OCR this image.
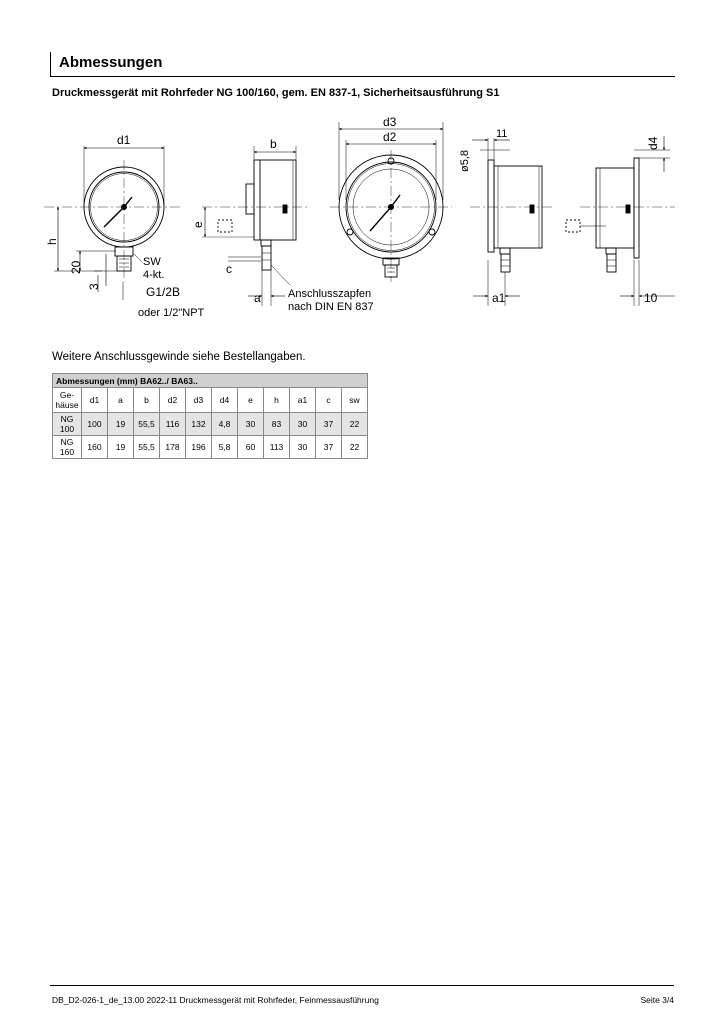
Abmessungen
Druckmessgerät mit Rohrfeder NG 100/160, gem. EN 837-1, Sicherheitsausführung S1
d1
h
20
3
SW
4-kt.
G1/2B
oder 1/2"NPT
b
e
c
a Anschlusszapfen
nach DIN EN 837
d3
d2
ø5,8
11
a1
d4
10
Weitere Anschlussgewinde siehe Bestellangaben.
Abmessungen (mm) BA62../ BA63..											

Ge-
häuse	d1	a	b	d2	d3	d4	e	h	a1	c	sw

NG
100	100	19	55,5	116	132	4,8	30	83	30	37	22

NG
160	160	19	55,5	178	196	5,8	60	113	30	37	22
DB_D2-026-1_de_13.00 2022-11 Druckmessgerät mit Rohrfeder, Feinmessausführung	Seite 3/4
